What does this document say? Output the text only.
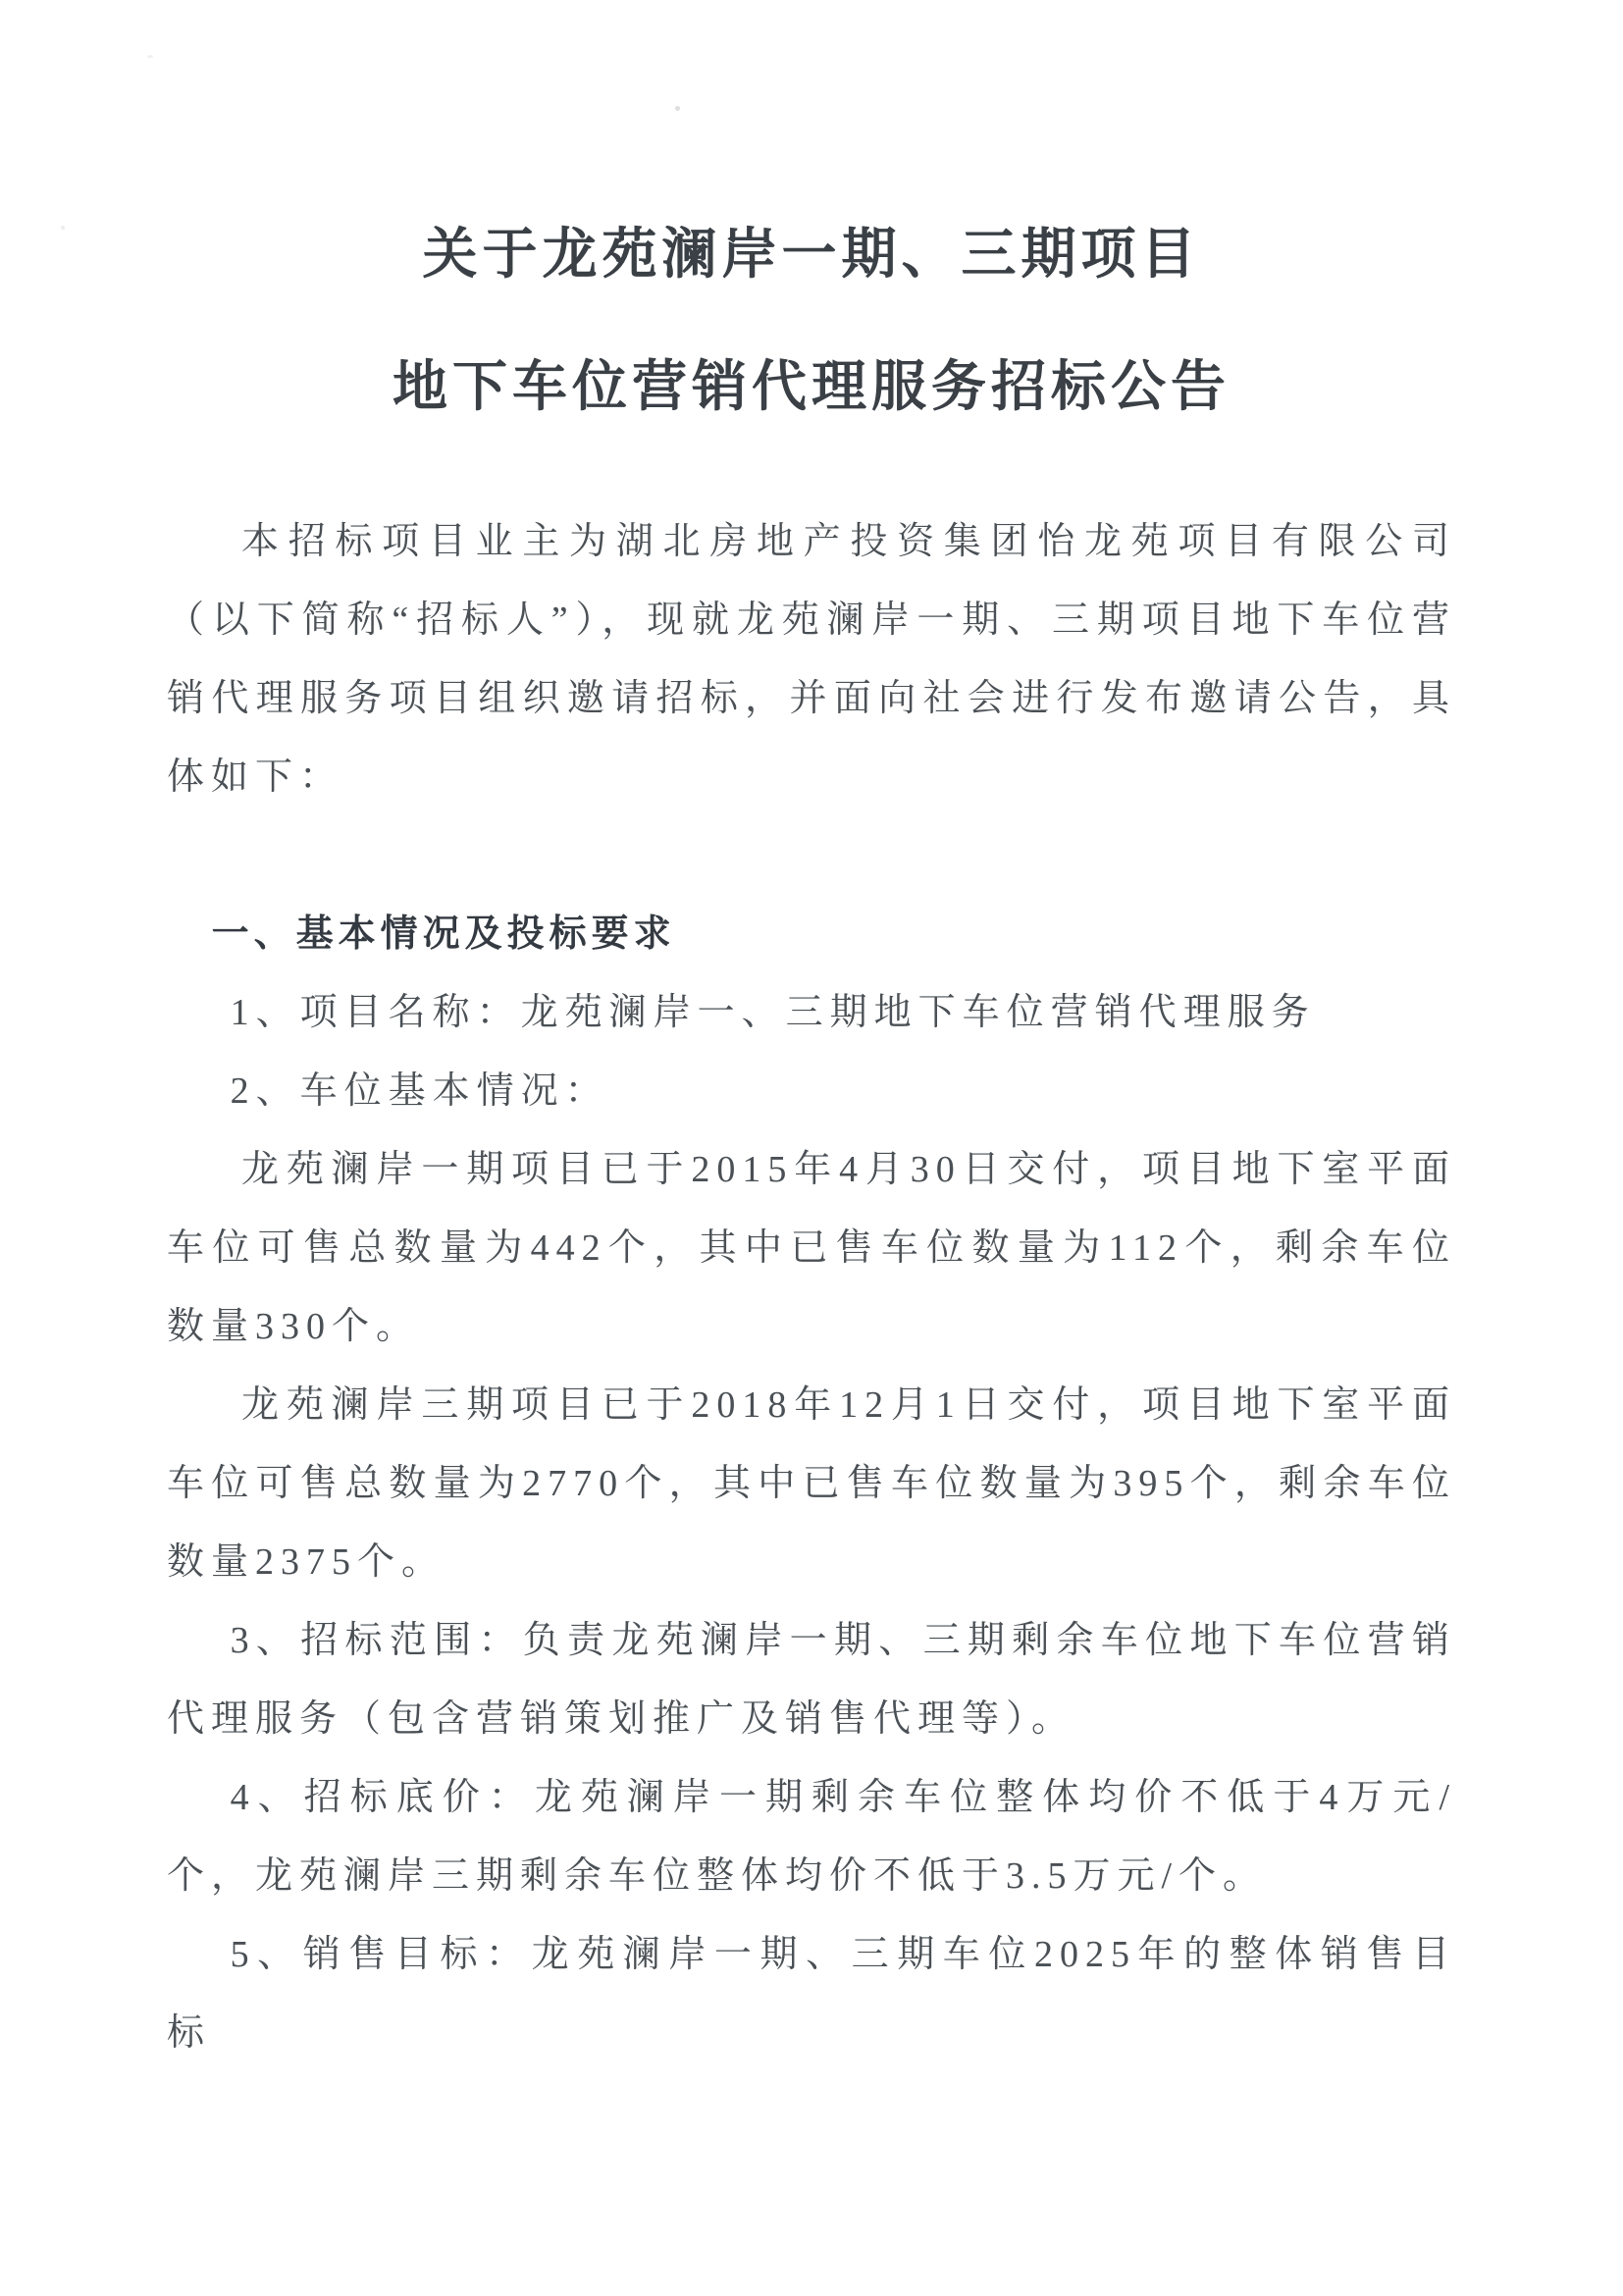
关于龙苑澜岸一期、三期项目
地下车位营销代理服务招标公告

本招标项目业主为湖北房地产投资集团怡龙苑项目有限公司（以下简称“招标人”），现就龙苑澜岸一期、三期项目地下车位营销代理服务项目组织邀请招标，并面向社会进行发布邀请公告，具体如下：

一、基本情况及投标要求

1、项目名称：龙苑澜岸一、三期地下车位营销代理服务

2、车位基本情况：

龙苑澜岸一期项目已于2015年4月30日交付，项目地下室平面车位可售总数量为442个，其中已售车位数量为112个，剩余车位数量330个。

龙苑澜岸三期项目已于2018年12月1日交付，项目地下室平面车位可售总数量为2770个，其中已售车位数量为395个，剩余车位数量2375个。

3、招标范围：负责龙苑澜岸一期、三期剩余车位地下车位营销代理服务（包含营销策划推广及销售代理等）。

4、招标底价：龙苑澜岸一期剩余车位整体均价不低于4万元/个，龙苑澜岸三期剩余车位整体均价不低于3.5万元/个。

5、销售目标：龙苑澜岸一期、三期车位2025年的整体销售目标
